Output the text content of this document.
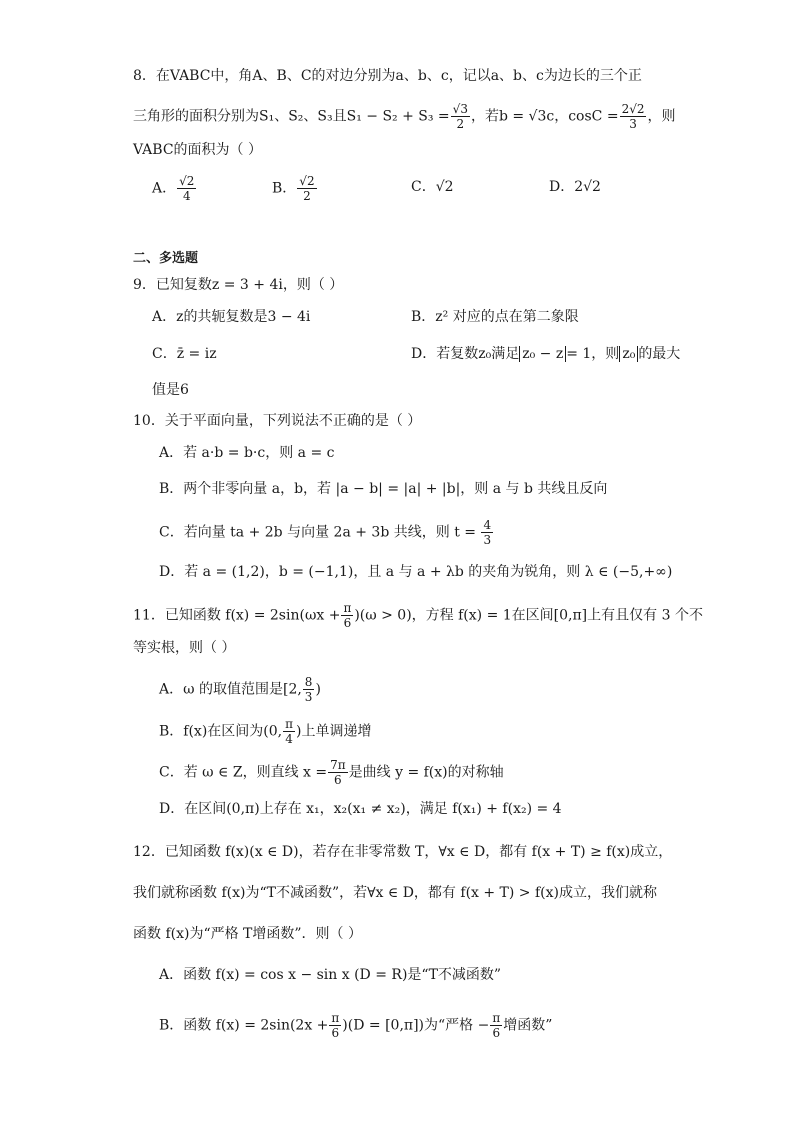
8．在VABC中，角A、B、C的对边分别为a、b、c，记以a、b、c为边长的三个正
三角形的面积分别为S₁、S₂、S₃且$S_1 - S_2 + S_3 = \frac{√3}{2}$ ，若b = √3c，$\cos C = \frac{2√2}{3}$ ，则
VABC的面积为（ ）
A． $\frac{√2}{4}$	B． $\frac{√2}{2}$	C．√2	D．2√2
二、多选题
9．已知复数z = 3 + 4i，则（ ）
A．z的共轭复数是3 − 4i	B．z² 对应的点在第二象限
C．z̄ = iz	D．若复数z₀满足 z₀ − z = 1，则 z₀ 的最大
值是6
10．关于平面向量，下列说法不正确的是（ ）
A．若 a·b = b·c，则 a = c
B．两个非零向量 a，b，若 |a − b| = |a| + |b|，则 a 与 b 共线且反向
C．若向量 ta + 2b 与向量 2a + 3b 共线，则 $t = \frac{4}{3}$
D．若 a = (1,2)，b = (−1,1)，且 a 与 a + λb 的夹角为锐角，则 λ ∈ (−5,+∞)
11．已知函数 $f(x) = 2\sin(\omega x + \frac{\pi}{6} )(\omega > 0)$，方程 f(x) = 1在区间[0,π]上有且仅有 3 个不
等实根，则（ ）
A．ω 的取值范围是[2, $\frac{8}{3}$ )
B．f(x)在区间为(0, $\frac{\pi}{4}$ )上单调递增
C．若 ω ∈ Z，则直线 $x = \frac{7\pi}{6}$ 是曲线 y = f(x)的对称轴
D．在区间(0,π)上存在 x₁，x₂(x₁ ≠ x₂)，满足 f(x₁) + f(x₂) = 4
12．已知函数 f(x)(x ∈ D)，若存在非零常数 T，∀x ∈ D，都有 f(x + T) ≥ f(x)成立，
我们就称函数 f(x)为“T不减函数”，若∀x ∈ D，都有 f(x + T) > f(x)成立，我们就称
函数 f(x)为“严格 T增函数”．则（ ）
A．函数 f(x) = cos x − sin x (D = R)是“T不减函数”
B．函数 $f(x) = 2\sin(2x + \frac{\pi}{6} )(D = [0,\pi])$为“严格 − $\frac{\pi}{6}$ 增函数”
